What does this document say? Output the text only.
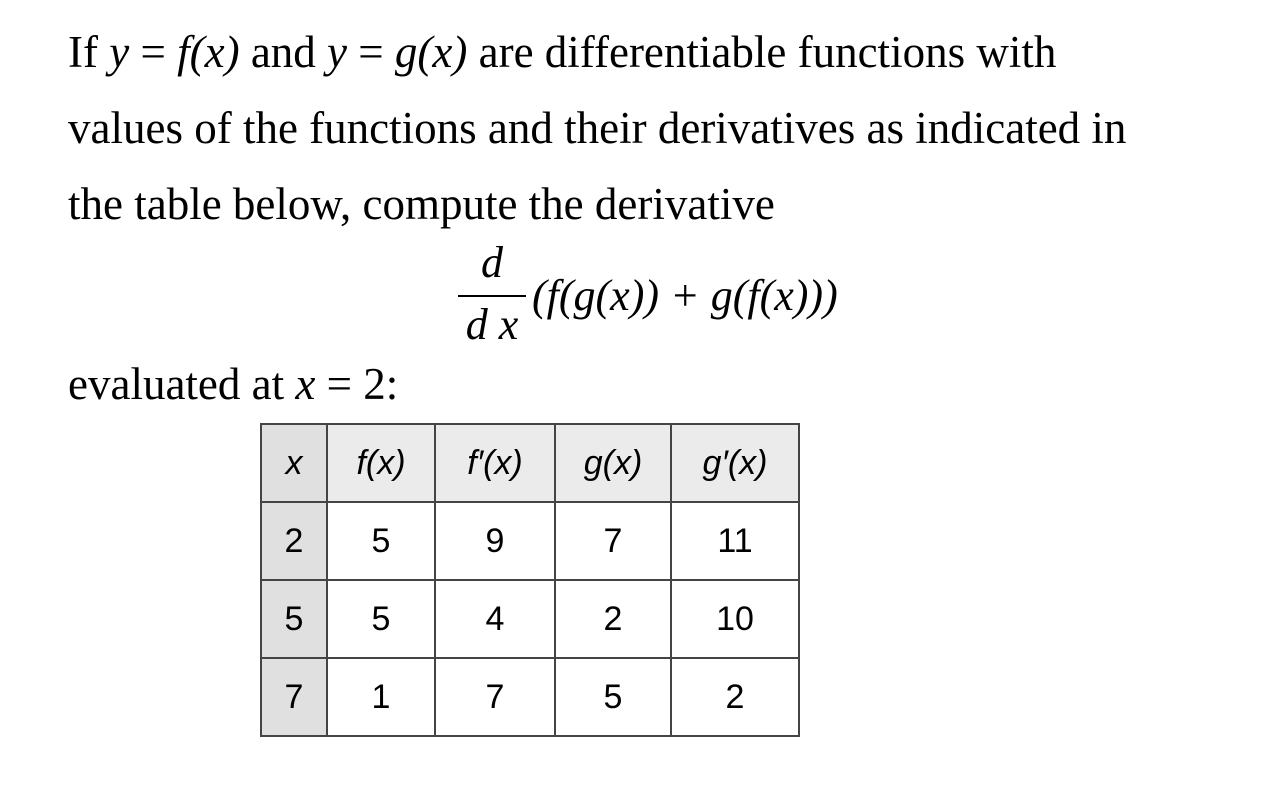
If y = f(x) and y = g(x) are differentiable functions with
values of the functions and their derivatives as indicated in
the table below, compute the derivative
d
d x
(f(g(x)) + g(f(x)))
evaluated at x = 2:
x	f(x)	f′(x)	g(x)	g′(x)
2	5	9	7	11
5	5	4	2	10
7	1	7	5	2
